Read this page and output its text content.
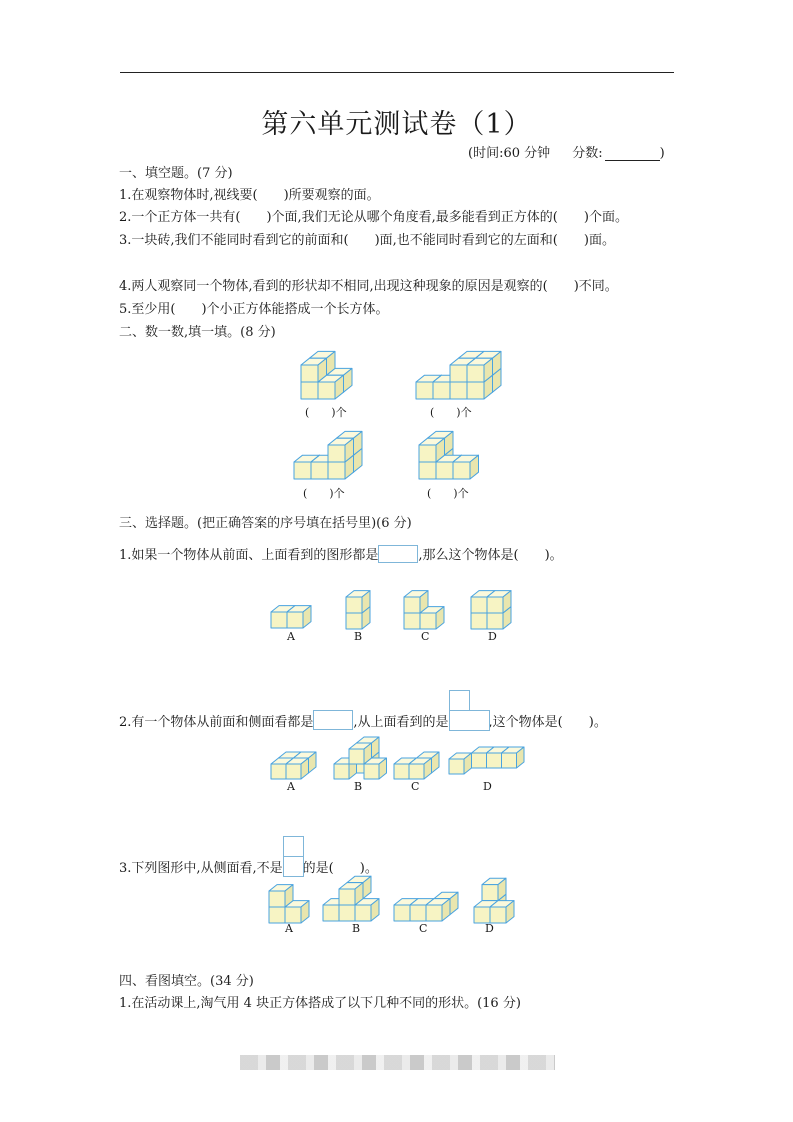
第六单元测试卷（1）
(时间:60 分钟 分数:	)
一、填空题。(7 分)
1.在观察物体时,视线要(　　)所要观察的面。
2.一个正方体一共有(　　)个面,我们无论从哪个角度看,最多能看到正方体的(　　)个面。
3.一块砖,我们不能同时看到它的前面和(　　)面,也不能同时看到它的左面和(　　)面。
4.两人观察同一个物体,看到的形状却不相同,出现这种现象的原因是观察的(　　)不同。
5.至少用(　　)个小正方体能搭成一个长方体。
二、数一数,填一填。(8 分)
(　　)个	(　　)个
(　　)个	(　　)个
三、选择题。(把正确答案的序号填在括号里)(6 分)
1.如果一个物体从前面、上面看到的图形都是	,那么这个物体是(　　)。
A	B	C	D
2.有一个物体从前面和侧面看都是	,从上面看到的是	,这个物体是(　　)。
A	B	C	D
3.下列图形中,从侧面看,不是 的是(　　)。
A	B	C	D
四、看图填空。(34 分)
1.在活动课上,淘气用 4 块正方体搭成了以下几种不同的形状。(16 分)
